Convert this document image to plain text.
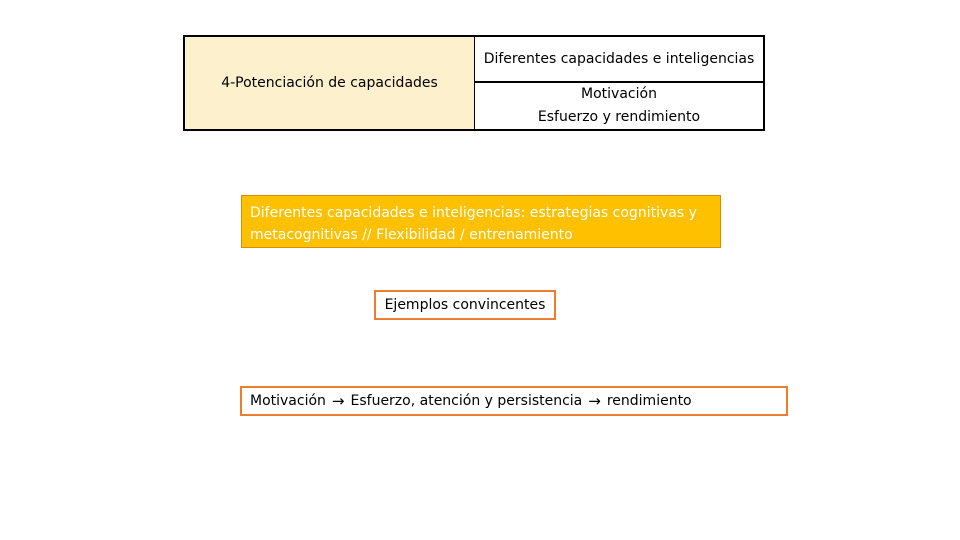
4-Potenciación de capacidades
Diferentes capacidades e inteligencias
Motivación
Esfuerzo y rendimiento
Diferentes capacidades e inteligencias: estrategias cognitivas y metacognitivas // Flexibilidad / entrenamiento
Ejemplos convincentes
Motivación → Esfuerzo, atención y persistencia → rendimiento
